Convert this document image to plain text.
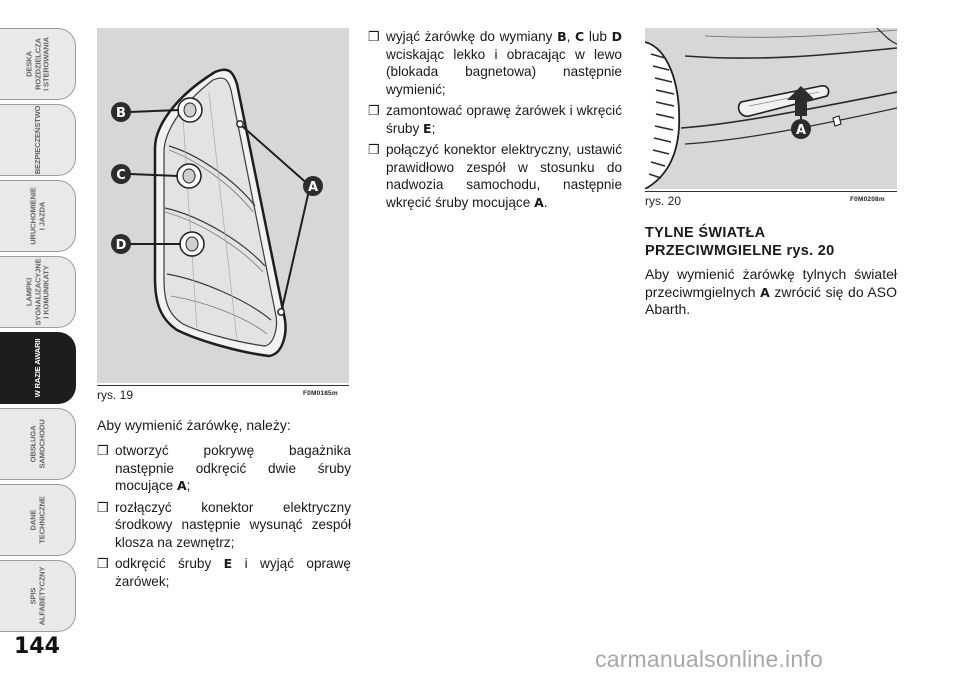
DESKA
ROZDZIELCZA
I STEROWANIA
BEZPIECZEŃSTWO
URUCHOMIENIE
I JAZDA
LAMPKI
SYGNALIZACYJNE
I KOMUNIKATY
W RAZIE AWARII
OBSŁUGA
SAMOCHODU
DANE
TECHNICZNE
SPIS
ALFABETYCZNY
144
B
C
D
A
rys. 19	F0M0185m
A
rys. 20	F0M0208m
Aby wymienić żarówkę, należy:
❒ otworzyć pokrywę bagażnika następnie odkręcić dwie śruby mocujące A;
❒ rozłączyć konektor elektryczny środkowy następnie wysunąć zespół klosza na zewnętrz;
❒ odkręcić śruby E i wyjąć oprawę żarówek;
❒ wyjąć żarówkę do wymiany B, C lub D wciskając lekko i obracając w lewo (blokada bagnetowa) następnie wymienić;
❒ zamontować oprawę żarówek i wkręcić śruby E;
❒ połączyć konektor elektryczny, ustawić prawidłowo zespół w stosunku do nadwozia samochodu, następnie wkręcić śruby mocujące A.
TYLNE ŚWIATŁA
PRZECIWMGIELNE rys. 20
Aby wymienić żarówkę tylnych świateł przeciwmgielnych A zwrócić się do ASO Abarth.
carmanualsonline.info
